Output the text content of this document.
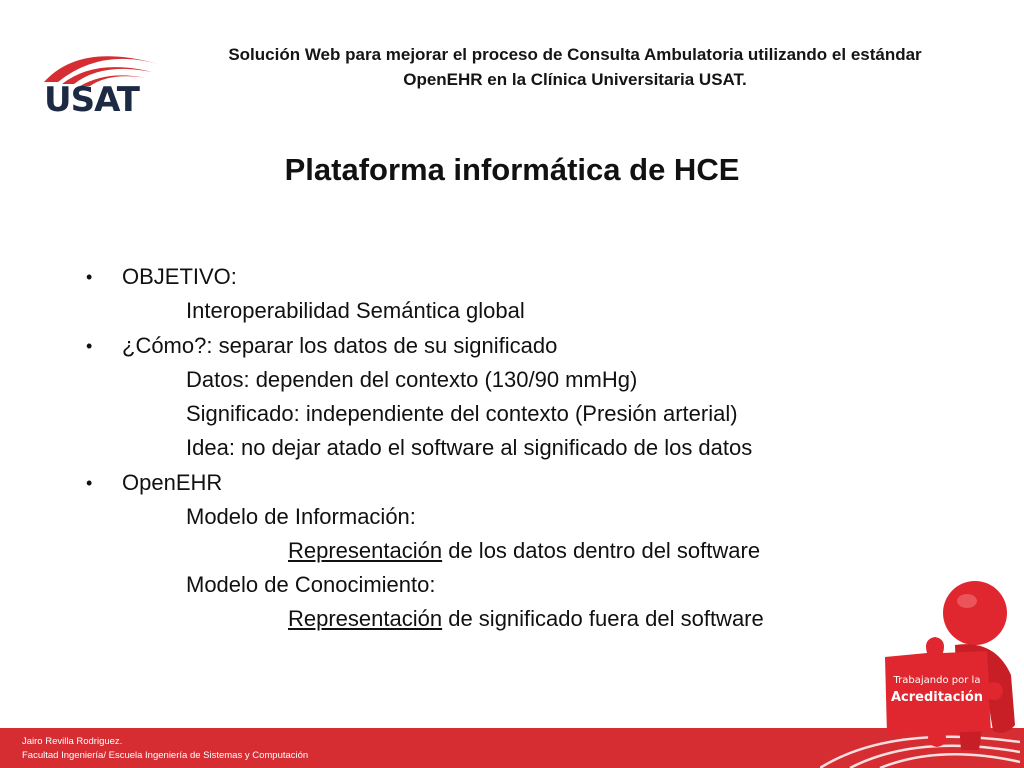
USAT
Solución Web para mejorar el proceso de Consulta Ambulatoria utilizando el estándar
OpenEHR en la Clínica Universitaria USAT.
Plataforma informática de HCE
• OBJETIVO:
Interoperabilidad Semántica global
• ¿Cómo?: separar los datos de su significado
Datos: dependen del contexto (130/90 mmHg)
Significado: independiente del contexto (Presión arterial)
Idea: no dejar atado el software al significado de los datos
• OpenEHR
Modelo de Información:
Representación de los datos dentro del software
Modelo de Conocimiento:
Representación de significado fuera del software
Jairo Revilla Rodriguez.
Facultad Ingeniería/ Escuela Ingeniería de Sistemas y Computación
Trabajando por la
Acreditación
